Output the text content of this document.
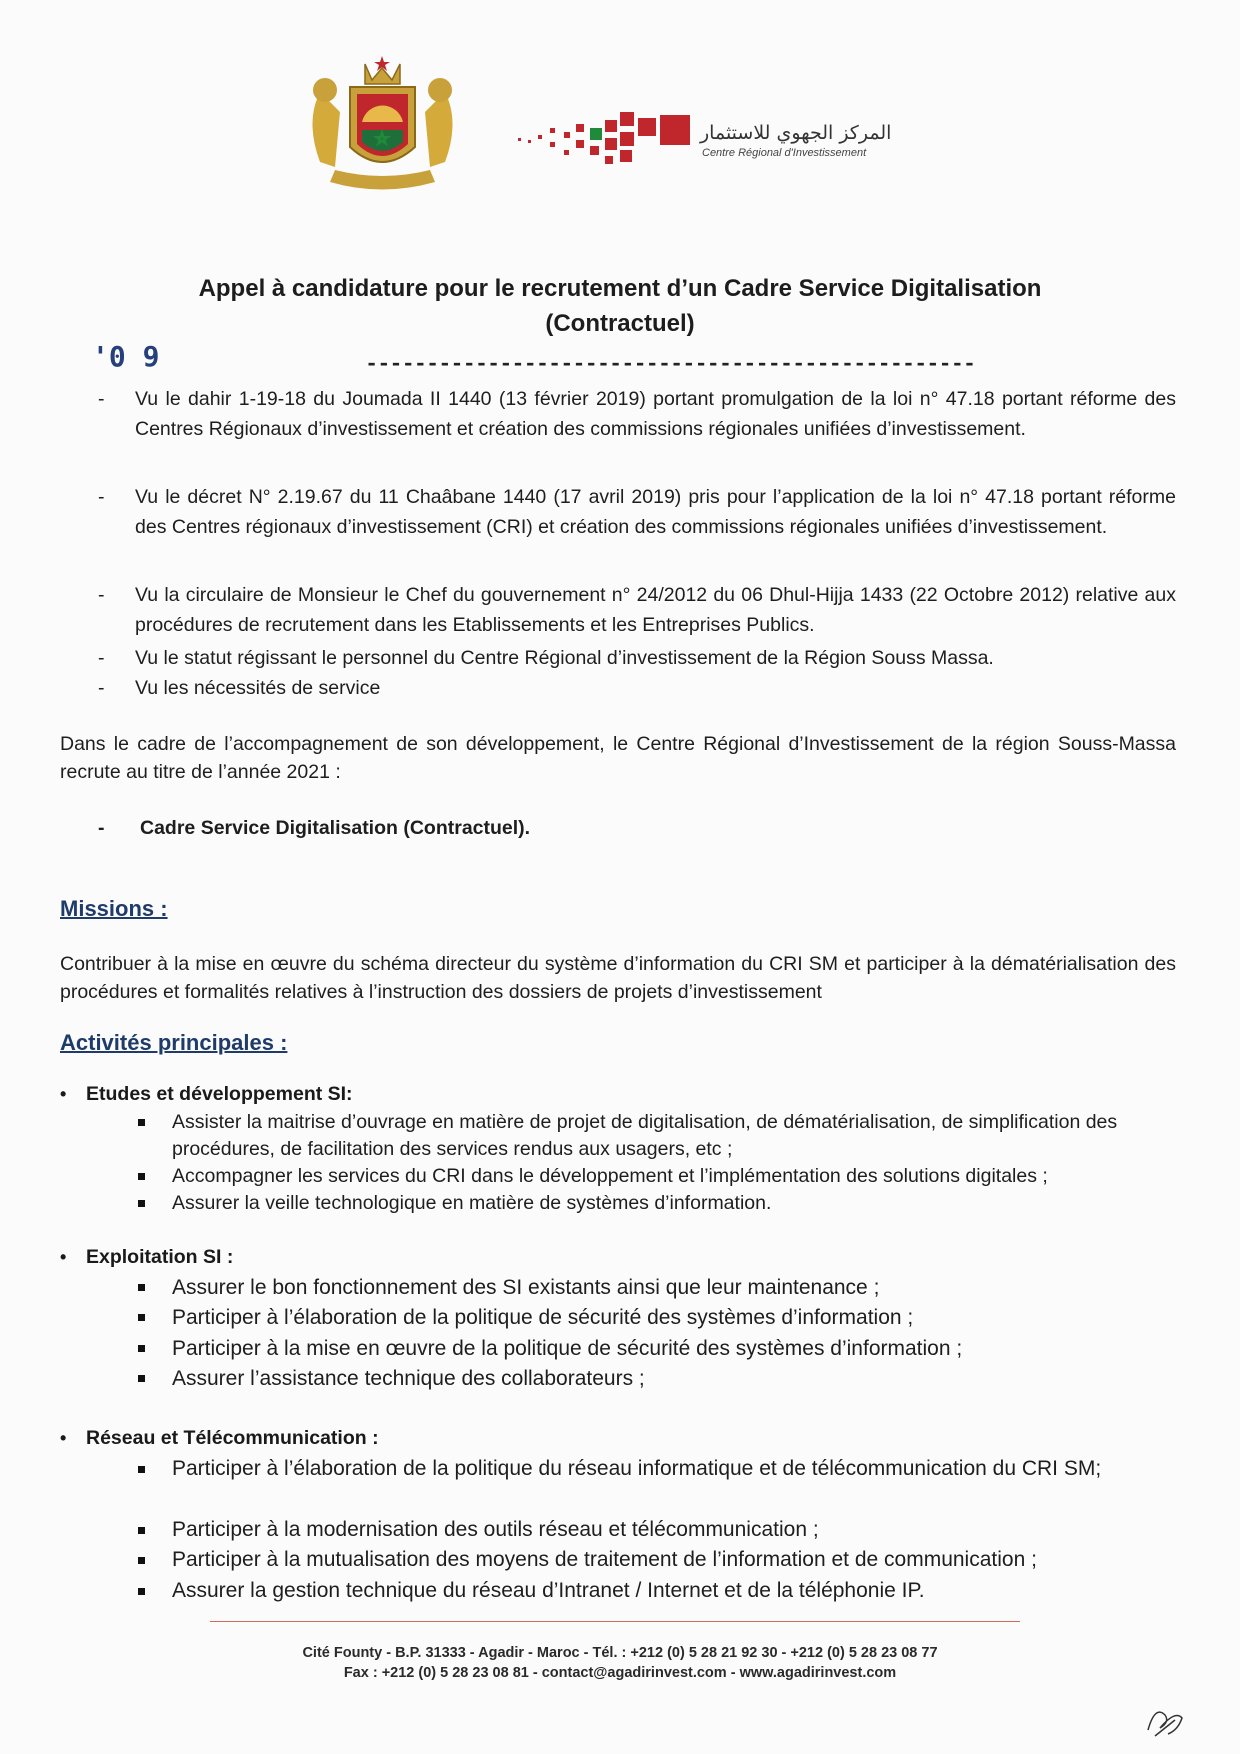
المركز الجهوي للاستثمار
Centre Régional d'Investissement
Appel à candidature pour le recrutement d’un Cadre Service Digitalisation
(Contractuel)
'0 9	--------------------------------------------------
- Vu le dahir 1-19-18 du Joumada II 1440 (13 février 2019) portant promulgation de la loi n° 47.18 portant réforme des Centres Régionaux d’investissement et création des commissions régionales unifiées d’investissement.
- Vu le décret N° 2.19.67 du 11 Chaâbane 1440 (17 avril 2019) pris pour l’application de la loi n° 47.18 portant réforme des Centres régionaux d’investissement (CRI) et création des commissions régionales unifiées d’investissement.
- Vu la circulaire de Monsieur le Chef du gouvernement n° 24/2012 du 06 Dhul-Hijja 1433 (22 Octobre 2012) relative aux procédures de recrutement dans les Etablissements et les Entreprises Publics.
- Vu le statut régissant le personnel du Centre Régional d’investissement de la Région Souss Massa.
- Vu les nécessités de service
Dans le cadre de l’accompagnement de son développement, le Centre Régional d’Investissement de la région Souss-Massa recrute au titre de l’année 2021 :
- Cadre Service Digitalisation (Contractuel).
Missions :
Contribuer à la mise en œuvre du schéma directeur du système d’information du CRI SM et participer à la dématérialisation des procédures et formalités relatives à l’instruction des dossiers de projets d’investissement
Activités principales :
• Etudes et développement SI:
Assister la maitrise d’ouvrage en matière de projet de digitalisation, de dématérialisation, de simplification des procédures, de facilitation des services rendus aux usagers, etc ;
Accompagner les services du CRI dans le développement et l’implémentation des solutions digitales ;
Assurer la veille technologique en matière de systèmes d’information.
• Exploitation SI :
Assurer le bon fonctionnement des SI existants ainsi que leur maintenance ;
Participer à l’élaboration de la politique de sécurité des systèmes d’information ;
Participer à la mise en œuvre de la politique de sécurité des systèmes d’information ;
Assurer l’assistance technique des collaborateurs ;
• Réseau et Télécommunication :
Participer à l’élaboration de la politique du réseau informatique et de télécommunication du CRI SM;
Participer à la modernisation des outils réseau et télécommunication ;
Participer à la mutualisation des moyens de traitement de l’information et de communication ;
Assurer la gestion technique du réseau d’Intranet / Internet et de la téléphonie IP.
Cité Founty - B.P. 31333 - Agadir - Maroc - Tél. : +212 (0) 5 28 21 92 30 - +212 (0) 5 28 23 08 77
Fax : +212 (0) 5 28 23 08 81 - contact@agadirinvest.com - www.agadirinvest.com
